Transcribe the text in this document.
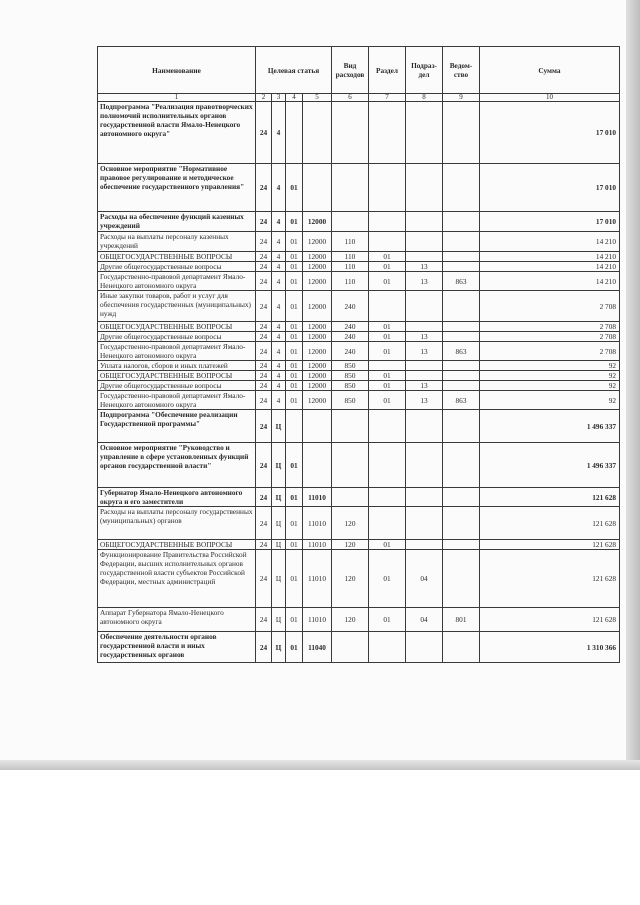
Наименование	Целевая статья				Вид расходов	Раздел	Подраз-дел	Ведом-ство	Сумма
1	2	3	4	5	6	7	8	9	10
Подпрограмма "Реализация правотворческих полномочий исполнительных органов государственной власти Ямало-Ненецкого автономного округа"	24	4							17 010
Основное мероприятие "Нормативное правовое регулирование и методическое обеспечение государственного управления"	24	4	01						17 010
Расходы на обеспечение функций казенных учреждений	24	4	01	12000					17 010
Расходы на выплаты персоналу казенных учреждений	24	4	01	12000	110				14 210
ОБЩЕГОСУДАРСТВЕННЫЕ ВОПРОСЫ	24	4	01	12000	110	01			14 210
Другие общегосударственные вопросы	24	4	01	12000	110	01	13		14 210
Государственно-правовой департамент Ямало-Ненецкого автономного округа	24	4	01	12000	110	01	13	863	14 210
Иные закупки товаров, работ и услуг для обеспечения государственных (муниципальных) нужд	24	4	01	12000	240				2 708
ОБЩЕГОСУДАРСТВЕННЫЕ ВОПРОСЫ	24	4	01	12000	240	01			2 708
Другие общегосударственные вопросы	24	4	01	12000	240	01	13		2 708
Государственно-правовой департамент Ямало-Ненецкого автономного округа	24	4	01	12000	240	01	13	863	2 708
Уплата налогов, сборов и иных платежей	24	4	01	12000	850				92
ОБЩЕГОСУДАРСТВЕННЫЕ ВОПРОСЫ	24	4	01	12000	850	01			92
Другие общегосударственные вопросы	24	4	01	12000	850	01	13		92
Государственно-правовой департамент Ямало-Ненецкого автономного округа	24	4	01	12000	850	01	13	863	92
Подпрограмма "Обеспечение реализации Государственной программы"	24	Ц							1 496 337
Основное мероприятие "Руководство и управление в сфере установленных функций органов государственной власти"	24	Ц	01						1 496 337
Губернатор Ямало-Ненецкого автономного округа и его заместители	24	Ц	01	11010					121 628
Расходы на выплаты персоналу государственных (муниципальных) органов	24	Ц	01	11010	120				121 628
ОБЩЕГОСУДАРСТВЕННЫЕ ВОПРОСЫ	24	Ц	01	11010	120	01			121 628
Функционирование Правительства Российской Федерации, высших исполнительных органов государственной власти субъектов Российской Федерации, местных администраций	24	Ц	01	11010	120	01	04		121 628
Аппарат Губернатора Ямало-Ненецкого автономного округа	24	Ц	01	11010	120	01	04	801	121 628
Обеспечение деятельности органов государственной власти и иных государственных органов	24	Ц	01	11040					1 310 366
